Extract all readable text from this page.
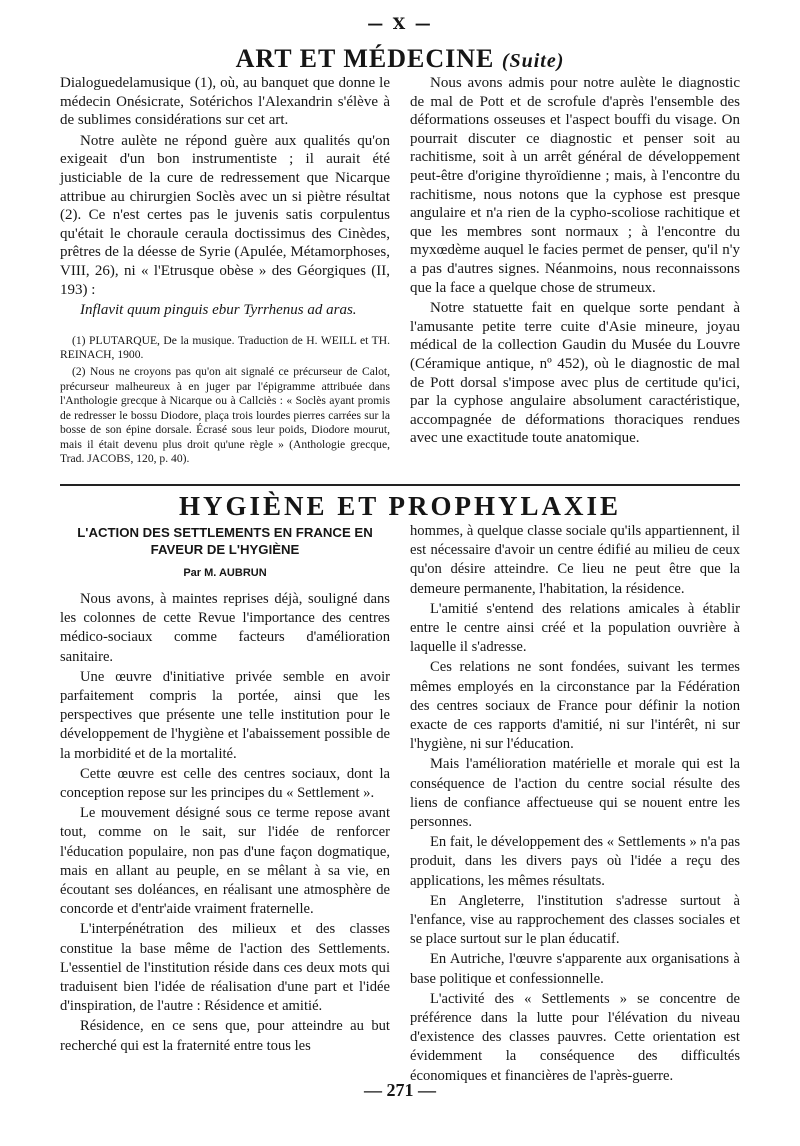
— X —
ART ET MÉDECINE (Suite)

Dialoguedelamusique (1), où, au banquet que donne le médecin Onésicrate, Sotérichos l'Alexandrin s'élève à de sublimes considérations sur cet art.

Notre aulète ne répond guère aux qualités qu'on exigeait d'un bon instrumentiste ; il aurait été justiciable de la cure de redressement que Nicarque attribue au chirurgien Soclès avec un si piètre résultat (2). Ce n'est certes pas le juvenis satis corpulentus qu'était le choraule ceraula doctissimus des Cinèdes, prêtres de la déesse de Syrie (Apulée, Métamorphoses, VIII, 26), ni « l'Etrusque obèse » des Géorgiques (II, 193) :

Inflavit quum pinguis ebur Tyrrhenus ad aras.

(1) PLUTARQUE, De la musique. Traduction de H. WEILL et TH. REINACH, 1900.

(2) Nous ne croyons pas qu'on ait signalé ce précurseur de Calot, précurseur malheureux à en juger par l'épigramme attribuée dans l'Anthologie grecque à Nicarque ou à Callciès : « Soclès ayant promis de redresser le bossu Diodore, plaça trois lourdes pierres carrées sur la bosse de son épine dorsale. Écrasé sous leur poids, Diodore mourut, mais il était devenu plus droit qu'une règle » (Anthologie grecque, Trad. JACOBS, 120, p. 40).

Nous avons admis pour notre aulète le diagnostic de mal de Pott et de scrofule d'après l'ensemble des déformations osseuses et l'aspect bouffi du visage. On pourrait discuter ce diagnostic et penser soit au rachitisme, soit à un arrêt général de développement peut-être d'origine thyroïdienne ; mais, à l'encontre du rachitisme, nous notons que la cyphose est presque angulaire et n'a rien de la cypho-scoliose rachitique et que les membres sont normaux ; à l'encontre du myxœdème auquel le facies permet de penser, qu'il n'y a pas d'autres signes. Néanmoins, nous reconnaissons que la face a quelque chose de strumeux.

Notre statuette fait en quelque sorte pendant à l'amusante petite terre cuite d'Asie mineure, joyau médical de la collection Gaudin du Musée du Louvre (Céramique antique, nº 452), où le diagnostic de mal de Pott dorsal s'impose avec plus de certitude qu'ici, par la cyphose angulaire absolument caractéristique, accompagnée de déformations thoraciques rendues avec une exactitude toute anatomique.

HYGIÈNE ET PROPHYLAXIE
L'ACTION DES SETTLEMENTS EN FRANCE EN FAVEUR DE L'HYGIÈNE
Par M. AUBRUN

Nous avons, à maintes reprises déjà, souligné dans les colonnes de cette Revue l'importance des centres médico-sociaux comme facteurs d'amélioration sanitaire.

Une œuvre d'initiative privée semble en avoir parfaitement compris la portée, ainsi que les perspectives que présente une telle institution pour le développement de l'hygiène et l'abaissement possible de la morbidité et de la mortalité.

Cette œuvre est celle des centres sociaux, dont la conception repose sur les principes du « Settlement ».

Le mouvement désigné sous ce terme repose avant tout, comme on le sait, sur l'idée de renforcer l'éducation populaire, non pas d'une façon dogmatique, mais en allant au peuple, en se mêlant à sa vie, en écoutant ses doléances, en réalisant une atmosphère de concorde et d'entr'aide vraiment fraternelle.

L'interpénétration des milieux et des classes constitue la base même de l'action des Settlements. L'essentiel de l'institution réside dans ces deux mots qui traduisent bien l'idée de réalisation d'une part et l'idée d'inspiration, de l'autre : Résidence et amitié.

Résidence, en ce sens que, pour atteindre au but recherché qui est la fraternité entre tous les

hommes, à quelque classe sociale qu'ils appartiennent, il est nécessaire d'avoir un centre édifié au milieu de ceux qu'on désire atteindre. Ce lieu ne peut être que la demeure permanente, l'habitation, la résidence.

L'amitié s'entend des relations amicales à établir entre le centre ainsi créé et la population ouvrière à laquelle il s'adresse.

Ces relations ne sont fondées, suivant les termes mêmes employés en la circonstance par la Fédération des centres sociaux de France pour définir la notion exacte de ces rapports d'amitié, ni sur l'intérêt, ni sur l'hygiène, ni sur l'éducation.

Mais l'amélioration matérielle et morale qui est la conséquence de l'action du centre social résulte des liens de confiance affectueuse qui se nouent entre les personnes.

En fait, le développement des « Settlements » n'a pas produit, dans les divers pays où l'idée a reçu des applications, les mêmes résultats.

En Angleterre, l'institution s'adresse surtout à l'enfance, vise au rapprochement des classes sociales et se place surtout sur le plan éducatif.

En Autriche, l'œuvre s'apparente aux organisations à base politique et confessionnelle.

L'activité des « Settlements » se concentre de préférence dans la lutte pour l'élévation du niveau d'existence des classes pauvres. Cette orientation est évidemment la conséquence des difficultés économiques et financières de l'après-guerre.

— 271 —
